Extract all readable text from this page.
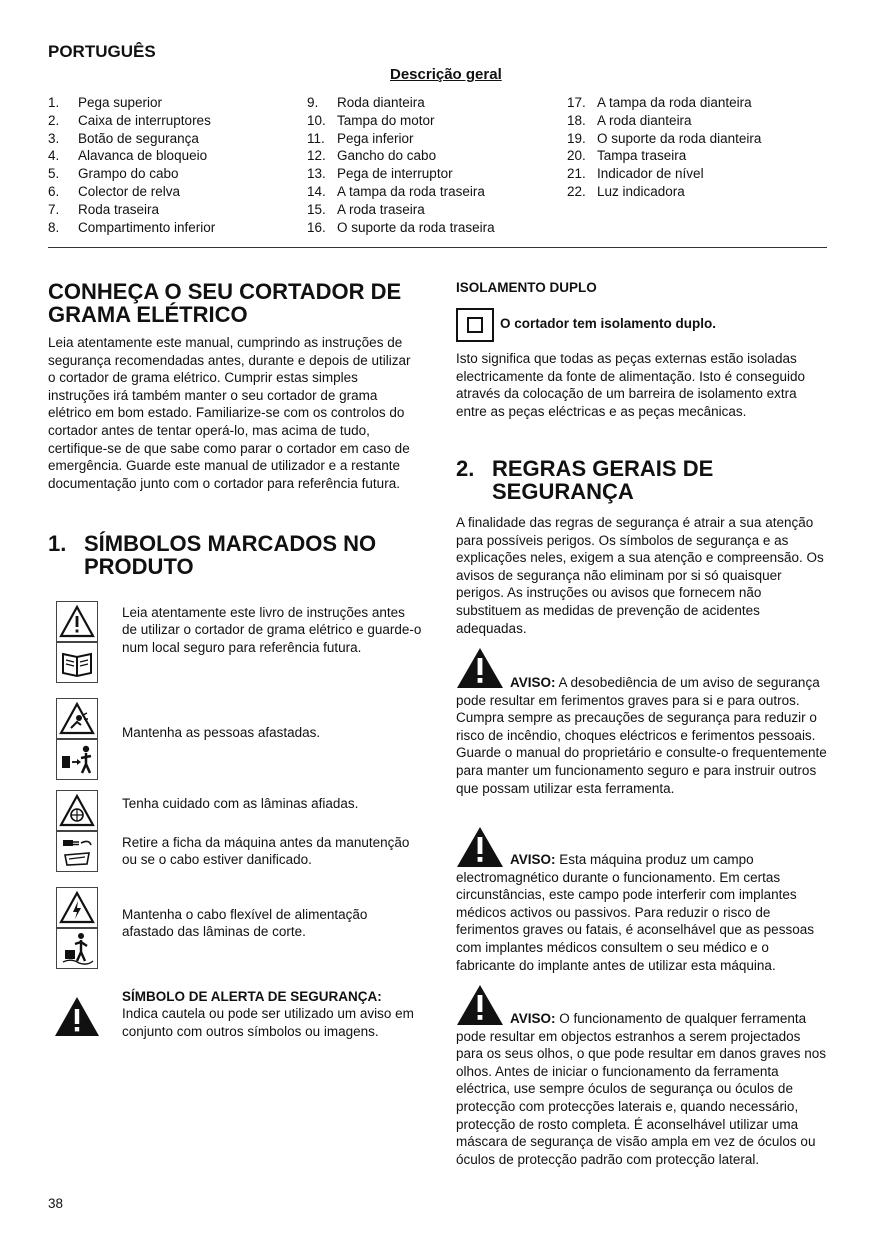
PORTUGUÊS
Descrição geral
1.	Pega superior
2.	Caixa de interruptores
3.	Botão de segurança
4.	Alavanca de bloqueio
5.	Grampo do cabo
6.	Colector de relva
7.	Roda traseira
8.	Compartimento inferior
9.	Roda dianteira
10. Tampa do motor
11. Pega inferior
12. Gancho do cabo
13. Pega de interruptor
14. A tampa da roda traseira
15. A roda traseira
16. O suporte da roda traseira
17. A tampa da roda dianteira
18. A roda dianteira
19. O suporte da roda dianteira
20. Tampa traseira
21. Indicador de nível
22. Luz indicadora
CONHEÇA O SEU CORTADOR DE
GRAMA ELÉTRICO
Leia atentamente este manual, cumprindo as instruções de segurança recomendadas antes, durante e depois de utilizar o cortador de grama elétrico. Cumprir estas simples instruções irá também manter o seu cortador de grama elétrico em bom estado. Familiarize-se com os controlos do cortador antes de tentar operá-lo, mas acima de tudo, certifique-se de que sabe como parar o cortador em caso de emergência. Guarde este manual de utilizador e a restante documentação junto com o cortador para referência futura.
1. SÍMBOLOS MARCADOS NO
PRODUTO
Leia atentamente este livro de instruções antes de utilizar o cortador de grama elétrico e guarde-o num local seguro para referência futura.
Mantenha as pessoas afastadas.
Tenha cuidado com as lâminas afiadas.
Retire a ficha da máquina antes da manutenção ou se o cabo estiver danificado.
Mantenha o cabo flexível de alimentação afastado das lâminas de corte.
SÍMBOLO DE ALERTA DE SEGURANÇA:
Indica cautela ou pode ser utilizado um aviso em conjunto com outros símbolos ou imagens.
ISOLAMENTO DUPLO
O cortador tem isolamento duplo.
Isto significa que todas as peças externas estão isoladas electricamente da fonte de alimentação. Isto é conseguido através da colocação de um barreira de isolamento extra entre as peças eléctricas e as peças mecânicas.
2. REGRAS GERAIS DE
SEGURANÇA
A finalidade das regras de segurança é atrair a sua atenção para possíveis perigos. Os símbolos de segurança e as explicações neles, exigem a sua atenção e compreensão. Os avisos de segurança não eliminam por si só quaisquer perigos. As instruções ou avisos que fornecem não substituem as medidas de prevenção de acidentes adequadas.
AVISO: A desobediência de um aviso de segurança pode resultar em ferimentos graves para si e para outros. Cumpra sempre as precauções de segurança para reduzir o risco de incêndio, choques eléctricos e ferimentos pessoais. Guarde o manual do proprietário e consulte-o frequentemente para manter um funcionamento seguro e para instruir outros que possam utilizar esta ferramenta.
AVISO: Esta máquina produz um campo electromagnético durante o funcionamento. Em certas circunstâncias, este campo pode interferir com implantes médicos activos ou passivos. Para reduzir o risco de ferimentos graves ou fatais, é aconselhável que as pessoas com implantes médicos consultem o seu médico e o fabricante do implante antes de utilizar esta máquina.
AVISO: O funcionamento de qualquer ferramenta pode resultar em objectos estranhos a serem projectados para os seus olhos, o que pode resultar em danos graves nos olhos. Antes de iniciar o funcionamento da ferramenta eléctrica, use sempre óculos de segurança ou óculos de protecção com protecções laterais e, quando necessário, protecção de rosto completa. É aconselhável utilizar uma máscara de segurança de visão ampla em vez de óculos ou óculos de protecção padrão com protecção lateral.
38
